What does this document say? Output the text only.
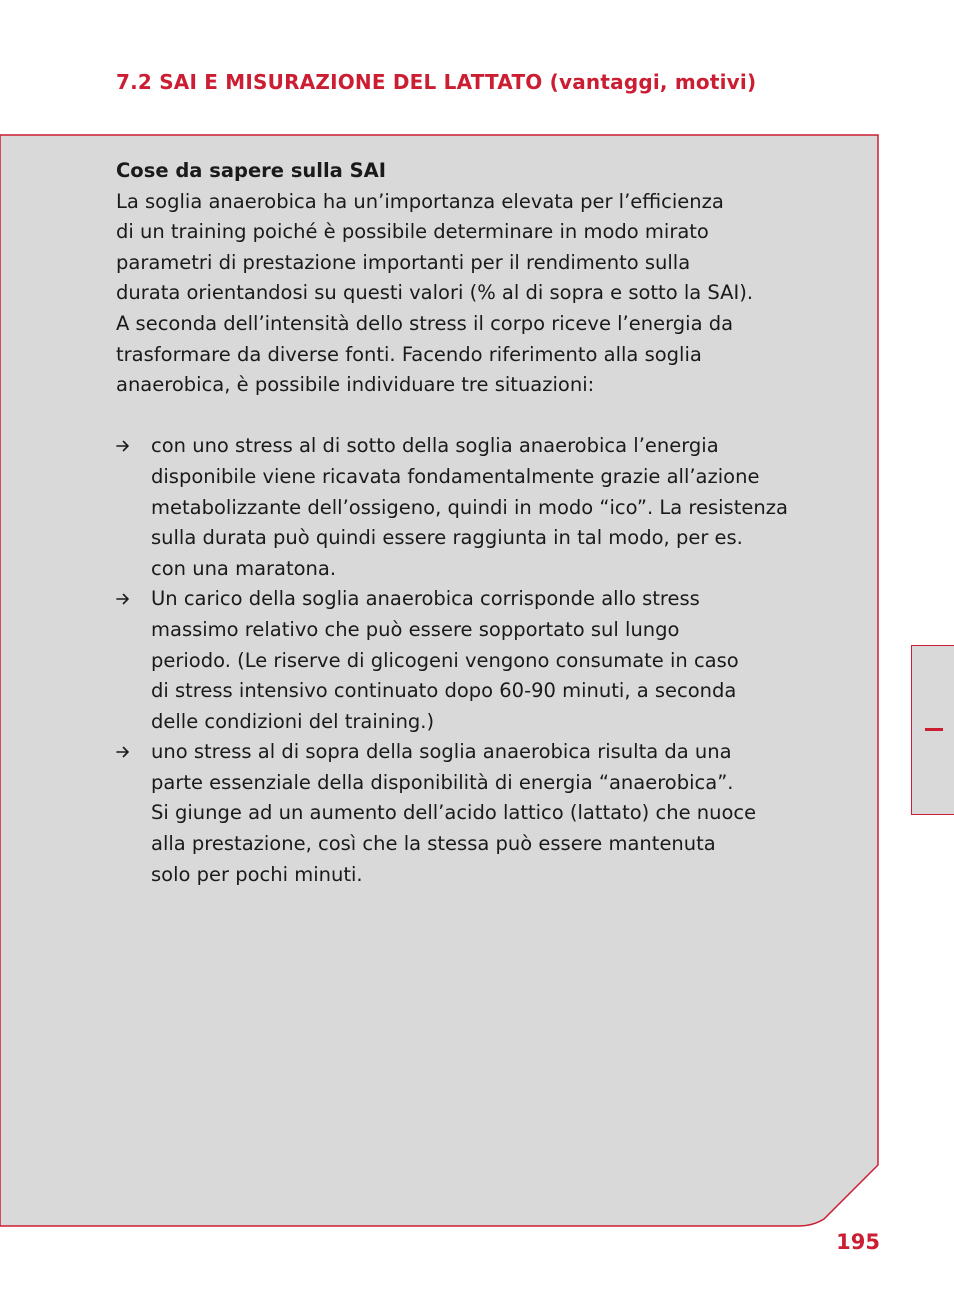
7.2 SAI E MISURAZIONE DEL LATTATO (vantaggi, motivi)

Cose da sapere sulla SAI

La soglia anaerobica ha un’importanza elevata per l’efficienza
di un training poiché è possibile determinare in modo mirato
parametri di prestazione importanti per il rendimento sulla
durata orientandosi su questi valori (% al di sopra e sotto la SAI).
A seconda dell’intensità dello stress il corpo riceve l’energia da
trasformare da diverse fonti. Facendo riferimento alla soglia
anaerobica, è possibile individuare tre situazioni:

con uno stress al di sotto della soglia anaerobica l’energia
disponibile viene ricavata fondamentalmente grazie all’azione
metabolizzante dell’ossigeno, quindi in modo “ico”. La resistenza
sulla durata può quindi essere raggiunta in tal modo, per es.
con una maratona.
Un carico della soglia anaerobica corrisponde allo stress
massimo relativo che può essere sopportato sul lungo
periodo. (Le riserve di glicogeni vengono consumate in caso
di stress intensivo continuato dopo 60-90 minuti, a seconda
delle condizioni del training.)
uno stress al di sopra della soglia anaerobica risulta da una
parte essenziale della disponibilità di energia “anaerobica”.
Si giunge ad un aumento dell’acido lattico (lattato) che nuoce
alla prestazione, così che la stessa può essere mantenuta
solo per pochi minuti.
195
